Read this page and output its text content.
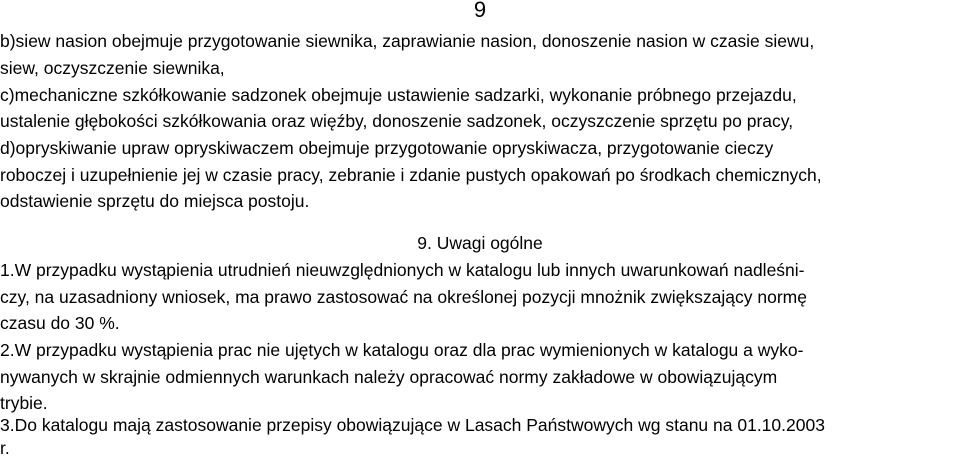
9
b)siew nasion obejmuje przygotowanie siewnika, zaprawianie nasion, donoszenie nasion w czasie siewu,
siew, oczyszczenie siewnika,
c)mechaniczne szkółkowanie sadzonek obejmuje ustawienie sadzarki, wykonanie próbnego przejazdu,
ustalenie głębokości szkółkowania oraz więźby, donoszenie sadzonek, oczyszczenie sprzętu po pracy,
d)opryskiwanie upraw opryskiwaczem obejmuje przygotowanie opryskiwacza, przygotowanie cieczy
roboczej i uzupełnienie jej w czasie pracy, zebranie i zdanie pustych opakowań po środkach chemicznych,
odstawienie sprzętu do miejsca postoju.
9. Uwagi ogólne
1.W przypadku wystąpienia utrudnień nieuwzględnionych w katalogu lub innych uwarunkowań nadleśni-
czy, na uzasadniony wniosek, ma prawo zastosować na określonej pozycji mnożnik zwiększający normę
czasu do 30 %.
2.W przypadku wystąpienia prac nie ujętych w katalogu oraz dla prac wymienionych w katalogu a wyko-
nywanych w skrajnie odmiennych warunkach należy opracować normy zakładowe w obowiązującym
trybie.
3.Do katalogu mają zastosowanie przepisy obowiązujące w Lasach Państwowych wg stanu na 01.10.2003
r.
